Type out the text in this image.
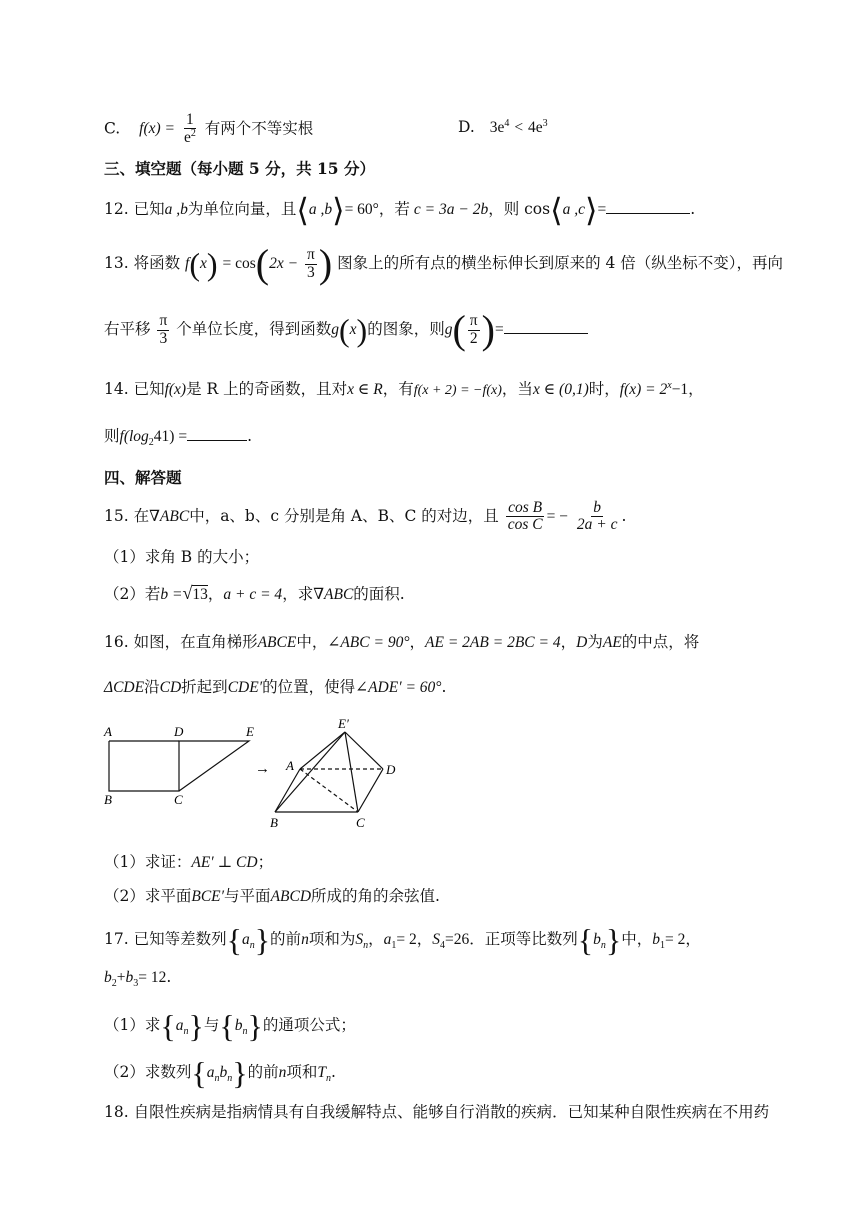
C. $f(x) = \frac{1}{e^2}$ 有两个不等实根	D. $3e^4 < 4e^3$
三、填空题（每小题 5 分，共 15 分）
12. 已知a ,b为单位向量，且⟨a ,b⟩= 60°，若 c = 3a − 2b，则 cos⟨a ,c⟩=	.
13. 将函数 $f(x) = \cos(2x - \frac{\pi}{3}$ ) 图象上的所有点的横坐标伸长到原来的 4 倍（纵坐标不变），再向
右平移 $\frac{\pi}{3}$ 个单位长度，得到函数g(x)的图象，则$g( \frac{\pi}{2}$ )=
14. 已知f(x)是 R 上的奇函数，且对x ∈ R，有f(x + 2) = −f(x)，当x ∈ (0,1)时，$f(x) = 2^x-1$，
则$f(\log_241)$ =	.
四、解答题
15. 在∇ABC中，a、b、c 分别是角 A、B、C 的对边，且 $\frac{\text{cos B}}{\text{cos C}}$ = − $\frac{b}{2a + c}$ .
（1）求角 B 的大小；
（2）若b =√13，a + c = 4，求∇ABC的面积.
16. 如图，在直角梯形ABCE中，∠ABC = 90°，AE = 2AB = 2BC = 4，D为AE的中点，将
ΔCDE沿CD折起到CDE′的位置，使得∠ADE′ = 60°.
A	D	E
B	C
→
E′
A	D
B	C
（1）求证：AE′ ⊥ CD；
（2）求平面BCE′与平面ABCD所成的角的余弦值.
17. 已知等差数列$\{a_n\}$的前n项和为$S_n$，$a_1= 2$，$S_4=26$．正项等比数列$\{b_n\}$中，$b_1= 2$，
$b_2+b_3= 12$.
（1）求$\{a_n\}$与$\{b_n\}$的通项公式；
（2）求数列$\{a_nb_n\}$的前n项和$T_n$.
18. 自限性疾病是指病情具有自我缓解特点、能够自行消散的疾病．已知某种自限性疾病在不用药
